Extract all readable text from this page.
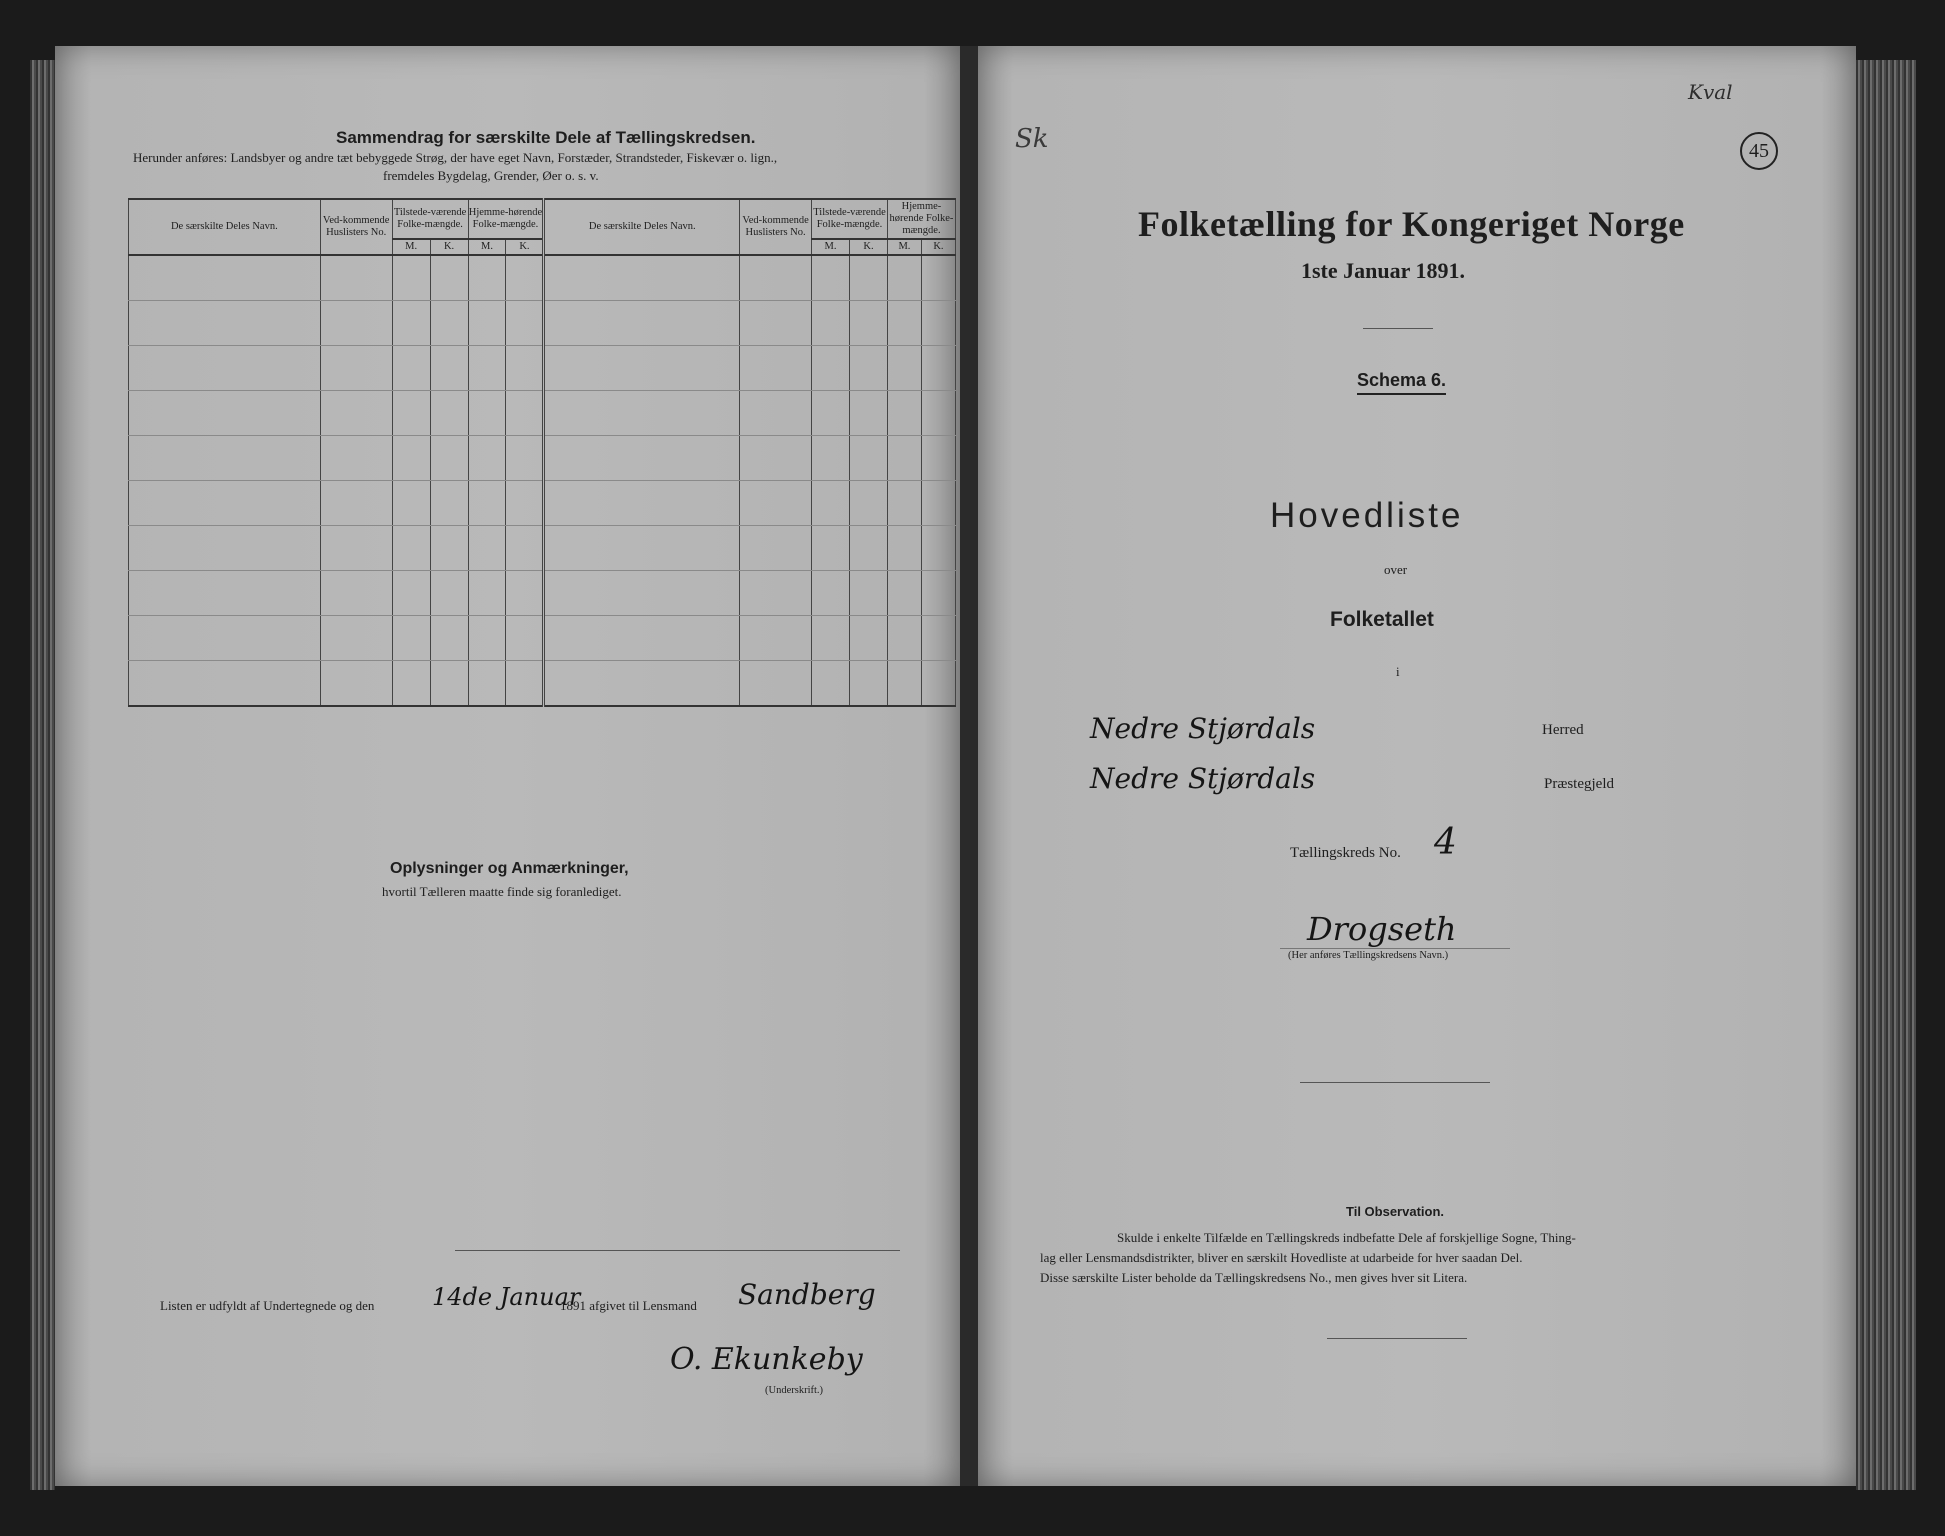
Sammendrag for særskilte Dele af Tællingskredsen.
Herunder anføres: Landsbyer og andre tæt bebyggede Strøg, der have eget Navn, Forstæder, Strandsteder, Fiskevær o. lign.,
fremdeles Bygdelag, Grender, Øer o. s. v.
De særskilte Deles Navn.	Ved-kommende Huslisters No.	Tilstede-værende Folke-mængde.		Hjemme-hørende Folke-mængde.		De særskilte Deles Navn.	Ved-kommende Huslisters No.	Tilstede-værende Folke-mængde.		Hjemme-hørende Folke-mængde.	
		M.	K.	M.	K.			M.	K.	M.	K.

Oplysninger og Anmærkninger,
hvortil Tælleren maatte finde sig foranlediget.
Listen er udfyldt af Undertegnede og den 14de Januar
1891 afgivet til Lensmand Sandberg
O. Ekunkeby
(Underskrift.)
Sk
Kval
45
Folketælling for Kongeriget Norge
1ste Januar 1891.
Schema 6.
Hovedliste
over
Folketallet
i
Nedre Stjørdals	Herred
Nedre Stjørdals	Præstegjeld
Tællingskreds No. 4
Drogseth
(Her anføres Tællingskredsens Navn.)
Til Observation.
Skulde i enkelte Tilfælde en Tællingskreds indbefatte Dele af forskjellige Sogne, Thing-
lag eller Lensmandsdistrikter, bliver en særskilt Hovedliste at udarbeide for hver saadan Del.
Disse særskilte Lister beholde da Tællingskredsens No., men gives hver sit Litera.
